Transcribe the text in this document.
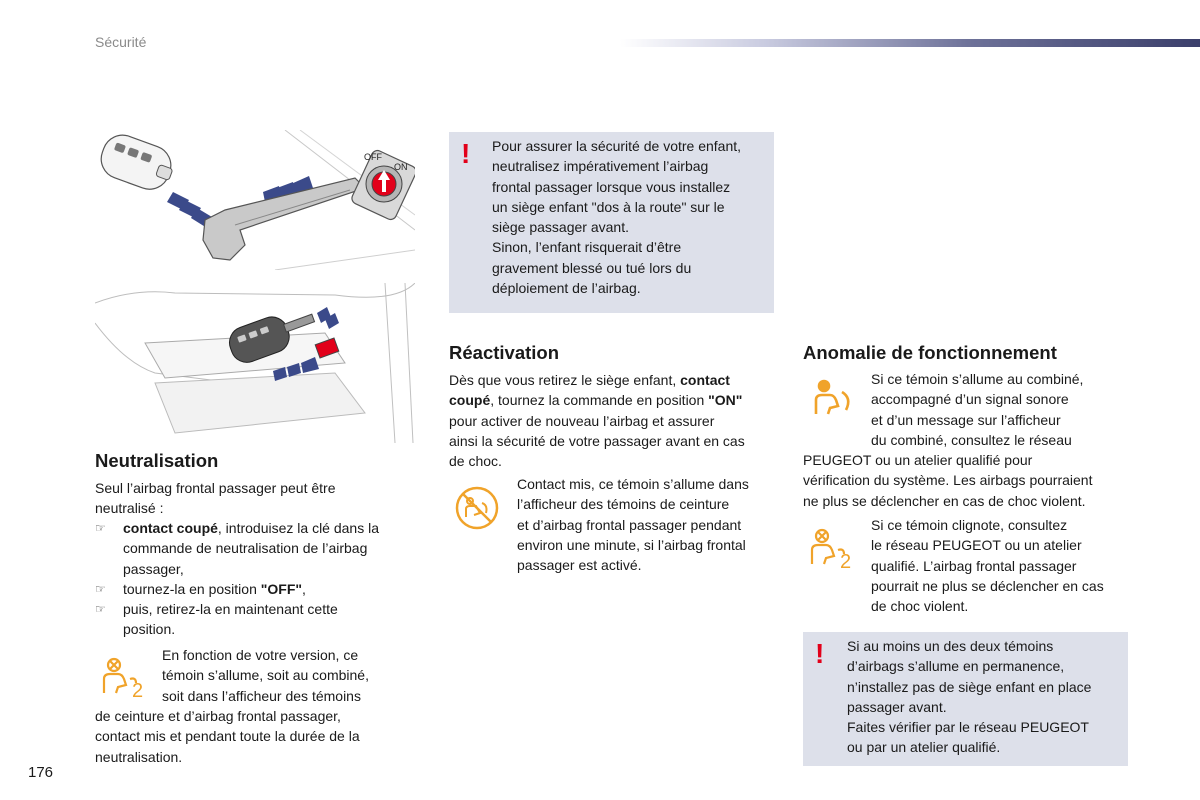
Sécurité
OFF
ON ! Pour assurer la sécurité de votre enfant,

neutralisez impérativement l’airbag

frontal passager lorsque vous installez

un siège enfant "dos à la route" sur le

siège passager avant.

Sinon, l’enfant risquerait d’être

gravement blessé ou tué lors du

déploiement de l’airbag.

Neutralisation

Seul l’airbag frontal passager peut être

neutralisé :

☞ contact coupé, introduisez la clé dans la
commande de neutralisation de l’airbag
passager,
☞ tournez-la en position "OFF",
☞ puis, retirez-la en maintenant cette
position.
2

En fonction de votre version, ce

témoin s’allume, soit au combiné,

soit dans l’afficheur des témoins

de ceinture et d’airbag frontal passager,

contact mis et pendant toute la durée de la

neutralisation.

Réactivation

Dès que vous retirez le siège enfant, contact

coupé, tournez la commande en position "ON"

pour activer de nouveau l’airbag et assurer

ainsi la sécurité de votre passager avant en cas

de choc.

Contact mis, ce témoin s’allume dans

l’afficheur des témoins de ceinture

et d’airbag frontal passager pendant

environ une minute, si l’airbag frontal

passager est activé.

Anomalie de fonctionnement

Si ce témoin s’allume au combiné,

accompagné d’un signal sonore

et d’un message sur l’afficheur

du combiné, consultez le réseau

PEUGEOT ou un atelier qualifié pour

vérification du système. Les airbags pourraient

ne plus se déclencher en cas de choc violent.

2

Si ce témoin clignote, consultez

le réseau PEUGEOT ou un atelier

qualifié. L’airbag frontal passager

pourrait ne plus se déclencher en cas

de choc violent.

! Si au moins un des deux témoins

d’airbags s’allume en permanence,

n’installez pas de siège enfant en place

passager avant.

Faites vérifier par le réseau PEUGEOT

ou par un atelier qualifié.

176
